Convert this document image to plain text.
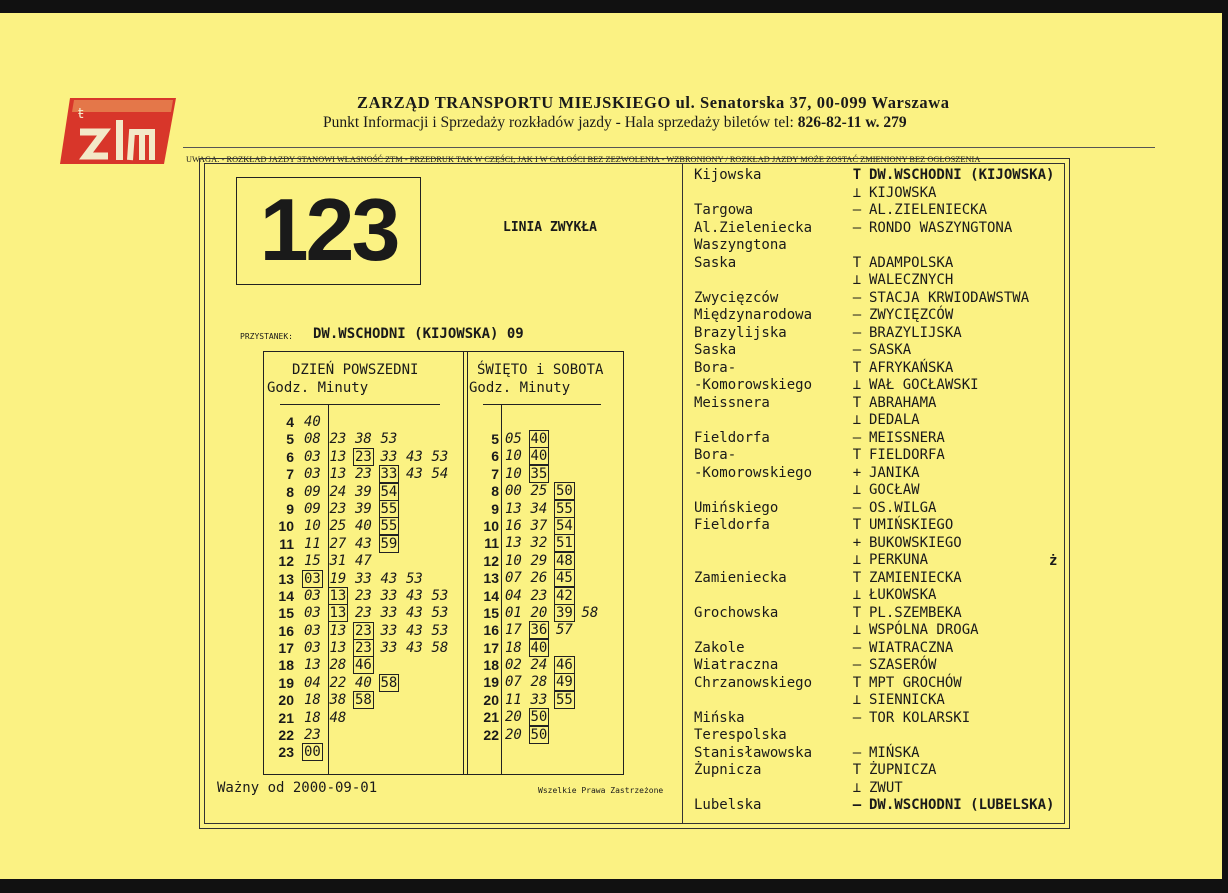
ŧ
ZARZĄD TRANSPORTU MIEJSKIEGO ul. Senatorska 37, 00-099 Warszawa
Punkt Informacji i Sprzedaży rozkładów jazdy - Hala sprzedaży biletów tel: 826-82-11 w. 279
UWAGA: - ROZKŁAD JAZDY STANOWI WŁASNOŚĆ ZTM - PRZEDRUK TAK W CZĘŚCI, JAK I W CAŁOŚCI BEZ ZEZWOLENIA - WZBRONIONY / ROZKŁAD JAZDY MOŻE ZOSTAĆ ZMIENIONY BEZ OGŁOSZENIA
123	LINIA ZWYKŁA
PRZYSTANEK: DW.WSCHODNI (KIJOWSKA) 09
DZIEŃ POWSZEDNI
Godz. Minuty
ŚWIĘTO i SOBOTA
Godz. Minuty
4
5
6
7
8
9
10
11
12
13
14
15
16
17
18
19
20
21
22
23
40
08 23 38 53
03 13 23 33 43 53
03 13 23 33 43 54
09 24 39 54
09 23 39 55
10 25 40 55
11 27 43 59
15 31 47
03 19 33 43 53
03 13 23 33 43 53
03 13 23 33 43 53
03 13 23 33 43 53
03 13 23 33 43 58
13 28 46
04 22 40 58
18 38 58
18 48
23
00
5
6
7
8
9
10
11
12
13
14
15
16
17
18
19
20
21
22
05 40
10 40
10 35
00 25 50
13 34 55
16 37 54
13 32 51
10 29 48
07 26 45
04 23 42
01 20 39 58
17 36 57
18 40
02 24 46
07 28 49
11 33 55
20 50
20 50
Ważny od 2000-09-01	Wszelkie Prawa Zastrzeżone
Kijowska
Targowa
Al.Zieleniecka
Waszyngtona
Saska
Zwycięzców
Międzynarodowa
Brazylijska
Saska
Bora-
-Komorowskiego
Meissnera
Fieldorfa
Bora-
-Komorowskiego
Umińskiego
Fieldorfa
Zamieniecka
Grochowska
Zakole
Wiatraczna
Chrzanowskiego
Mińska
Terespolska
Stanisławowska
Żupnicza
Lubelska
T DW.WSCHODNI (KIJOWSKA)
⊥ KIJOWSKA
– AL.ZIELENIECKA
– RONDO WASZYNGTONA
T ADAMPOLSKA
⊥ WALECZNYCH
– STACJA KRWIODAWSTWA
– ZWYCIĘZCÓW
– BRAZYLIJSKA
– SASKA
T AFRYKAŃSKA
⊥ WAŁ GOCŁAWSKI
T ABRAHAMA
⊥ DEDALA
– MEISSNERA
T FIELDORFA
+ JANIKA
⊥ GOCŁAW
– OS.WILGA
T UMIŃSKIEGO
+ BUKOWSKIEGO
⊥ PERKUNA
T ZAMIENIECKA
⊥ ŁUKOWSKA
T PL.SZEMBEKA
⊥ WSPÓLNA DROGA
– WIATRACZNA
– SZASERÓW
T MPT GROCHÓW
⊥ SIENNICKA
– TOR KOLARSKI
– MIŃSKA
T ŻUPNICZA
⊥ ZWUT
– DW.WSCHODNI (LUBELSKA)
ż
